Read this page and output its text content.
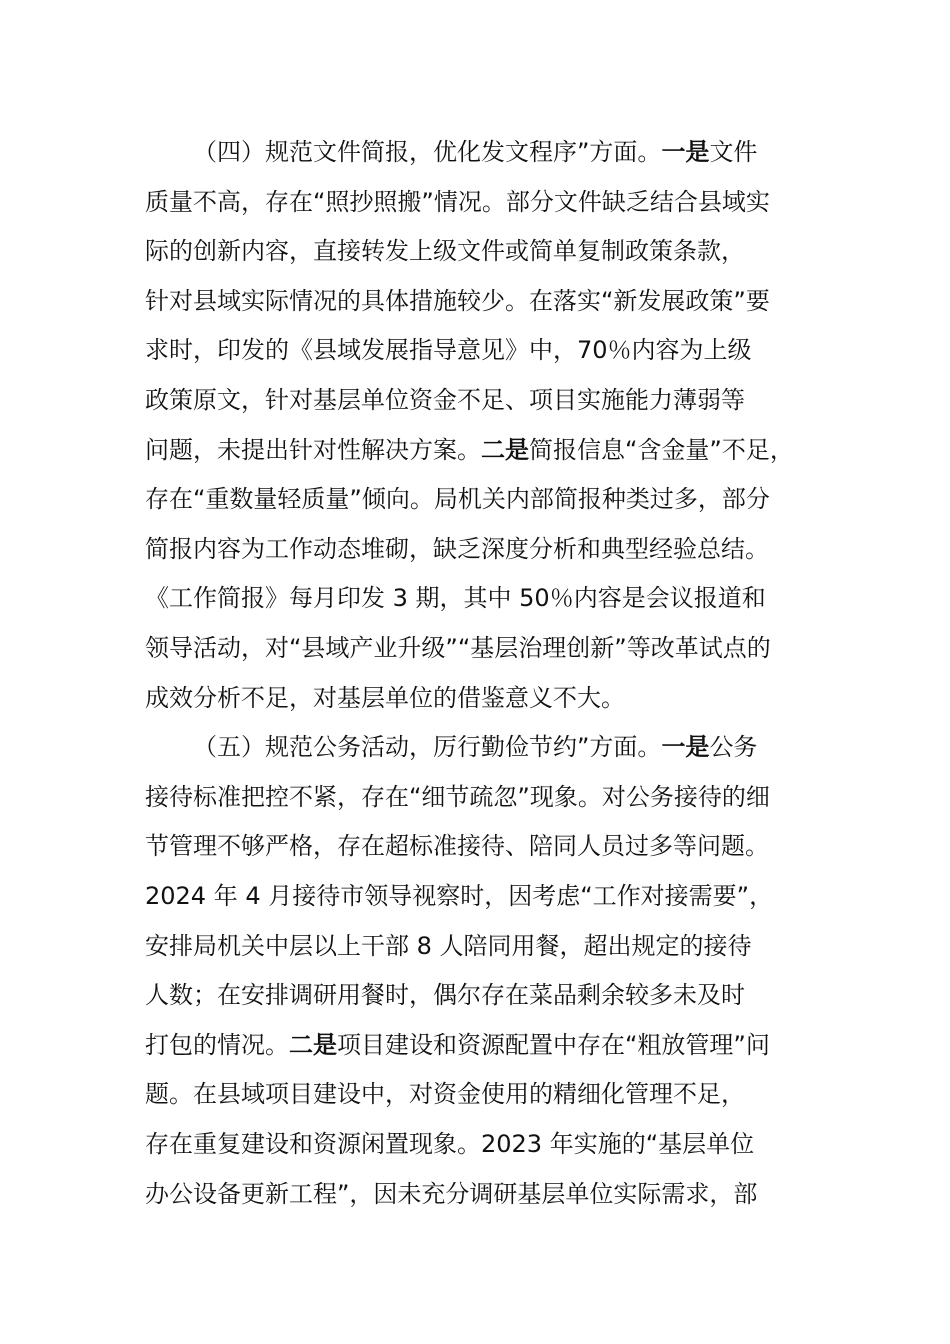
（四）规范文件简报，优化发文程序”方面。一是文件
质量不高，存在“照抄照搬”情况。部分文件缺乏结合县域实
际的创新内容，直接转发上级文件或简单复制政策条款，
针对县域实际情况的具体措施较少。在落实“新发展政策”要
求时，印发的《县域发展指导意见》中，70％内容为上级
政策原文，针对基层单位资金不足、项目实施能力薄弱等
问题，未提出针对性解决方案。二是简报信息“含金量”不足，
存在“重数量轻质量”倾向。局机关内部简报种类过多，部分
简报内容为工作动态堆砌，缺乏深度分析和典型经验总结。
《工作简报》每月印发 3 期，其中 50％内容是会议报道和
领导活动，对“县域产业升级”“基层治理创新”等改革试点的
成效分析不足，对基层单位的借鉴意义不大。
（五）规范公务活动，厉行勤俭节约”方面。一是公务
接待标准把控不紧，存在“细节疏忽”现象。对公务接待的细
节管理不够严格，存在超标准接待、陪同人员过多等问题。
2024 年 4 月接待市领导视察时，因考虑“工作对接需要”，
安排局机关中层以上干部 8 人陪同用餐，超出规定的接待
人数；在安排调研用餐时，偶尔存在菜品剩余较多未及时
打包的情况。二是项目建设和资源配置中存在“粗放管理”问
题。在县域项目建设中，对资金使用的精细化管理不足，
存在重复建设和资源闲置现象。2023 年实施的“基层单位
办公设备更新工程”，因未充分调研基层单位实际需求，部
